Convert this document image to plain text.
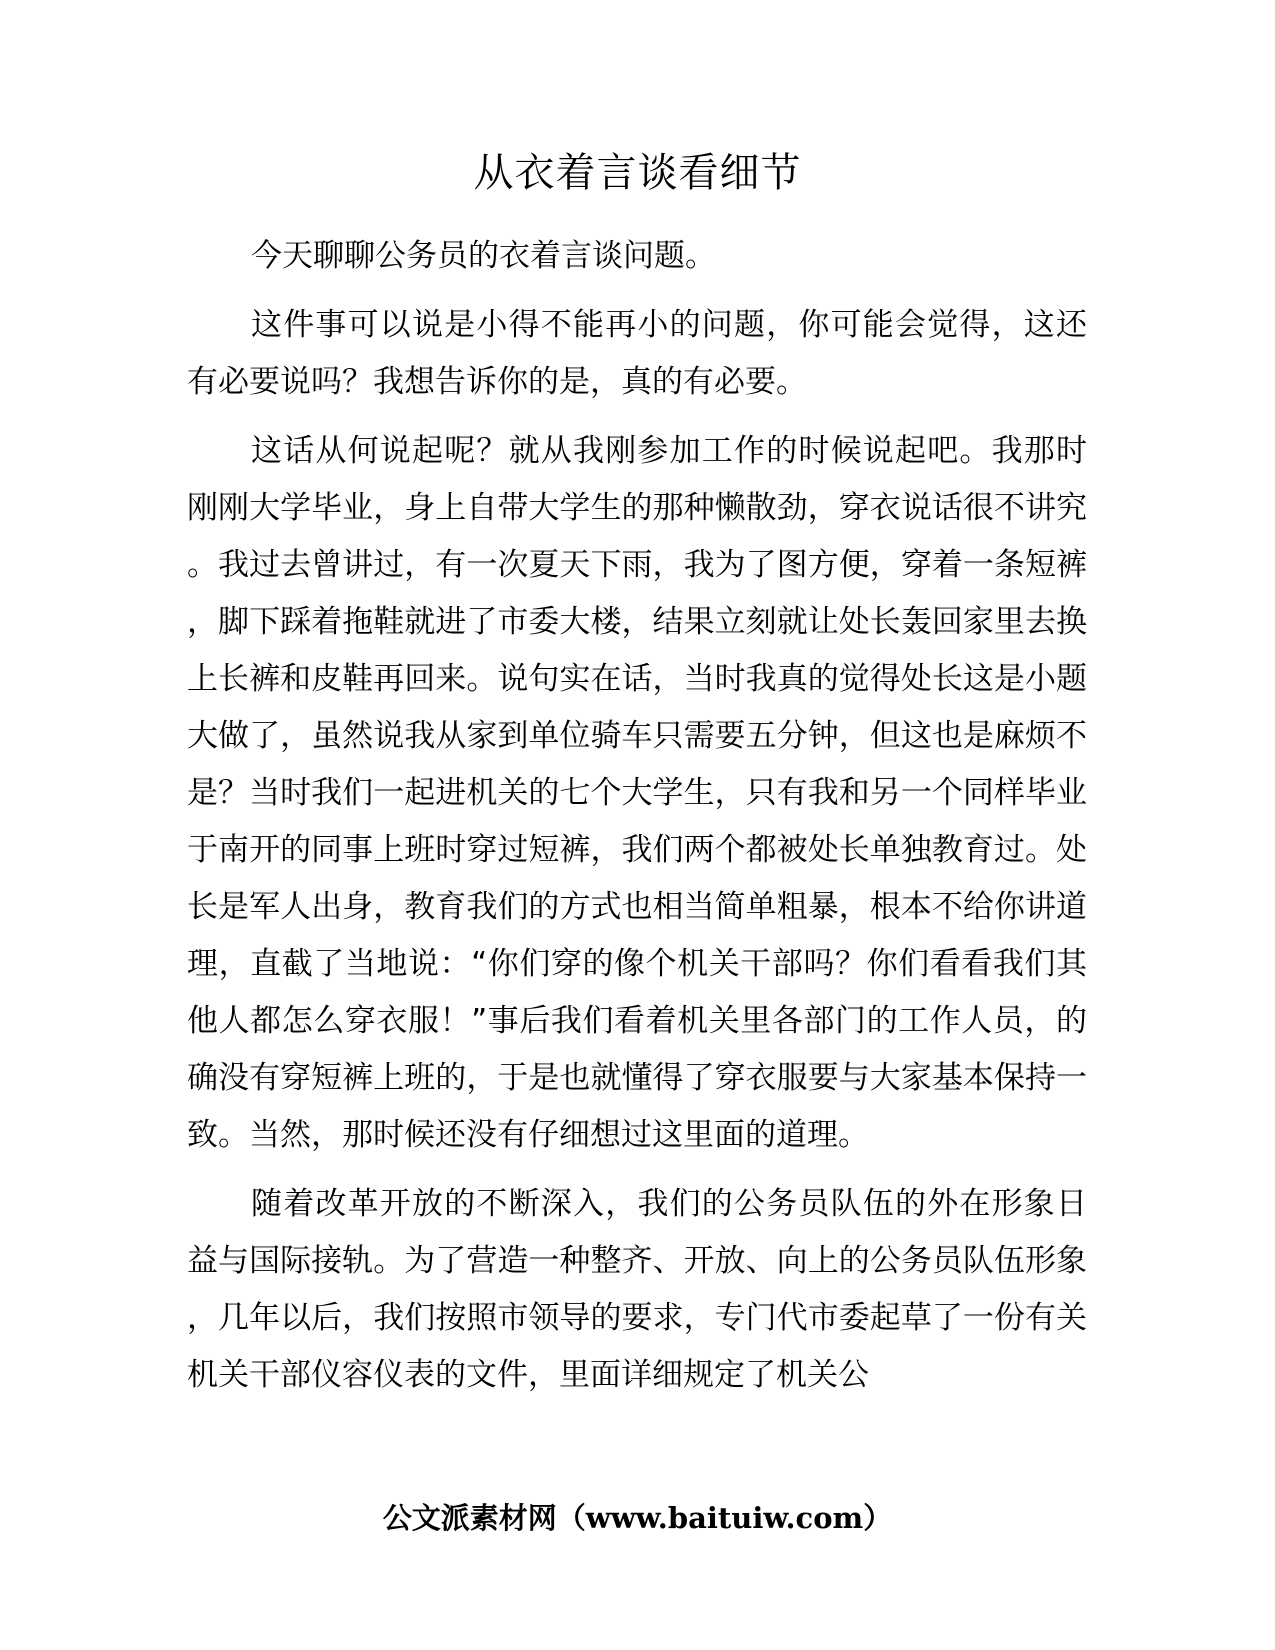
从衣着言谈看细节

今天聊聊公务员的衣着言谈问题。

这件事可以说是小得不能再小的问题，你可能会觉得，这还有必要说吗？我想告诉你的是，真的有必要。

这话从何说起呢？就从我刚参加工作的时候说起吧。我那时刚刚大学毕业，身上自带大学生的那种懒散劲，穿衣说话很不讲究。我过去曾讲过，有一次夏天下雨，我为了图方便，穿着一条短裤，脚下踩着拖鞋就进了市委大楼，结果立刻就让处长轰回家里去换上长裤和皮鞋再回来。说句实在话，当时我真的觉得处长这是小题大做了，虽然说我从家到单位骑车只需要五分钟，但这也是麻烦不是？当时我们一起进机关的七个大学生，只有我和另一个同样毕业于南开的同事上班时穿过短裤，我们两个都被处长单独教育过。处长是军人出身，教育我们的方式也相当简单粗暴，根本不给你讲道理，直截了当地说：“你们穿的像个机关干部吗？你们看看我们其他人都怎么穿衣服！”事后我们看着机关里各部门的工作人员，的确没有穿短裤上班的，于是也就懂得了穿衣服要与大家基本保持一致。当然，那时候还没有仔细想过这里面的道理。

随着改革开放的不断深入，我们的公务员队伍的外在形象日益与国际接轨。为了营造一种整齐、开放、向上的公务员队伍形象，几年以后，我们按照市领导的要求，专门代市委起草了一份有关机关干部仪容仪表的文件，里面详细规定了机关公

公文派素材网（www.baituiw.com）
